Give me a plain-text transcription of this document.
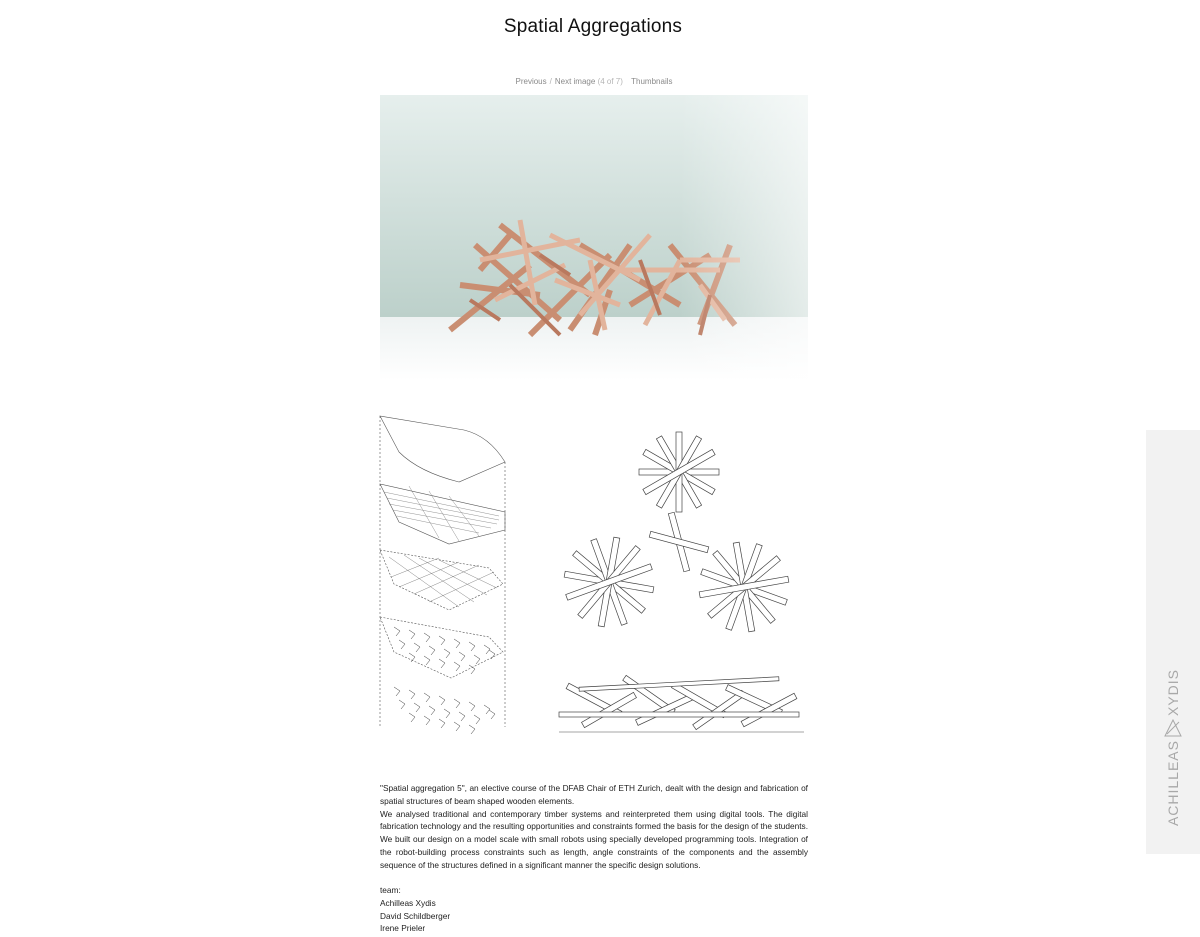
Spatial Aggregations
Previous / Next image (4 of 7) Thumbnails

"Spatial aggregation 5", an elective course of the DFAB Chair of ETH Zurich, dealt with the design and fabrication of spatial structures of beam shaped wooden elements.

We analysed traditional and contemporary timber systems and reinterpreted them using digital tools. The digital fabrication technology and the resulting opportunities and constraints formed the basis for the design of the students. We built our design on a model scale with small robots using specially developed programming tools. Integration of the robot-building process constraints such as length, angle constraints of the components and the assembly sequence of the structures defined in a significant manner the specific design solutions.

team:
Achilleas Xydis
David Schildberger
Irene Prieler
ACHILLEAS
XYDIS
